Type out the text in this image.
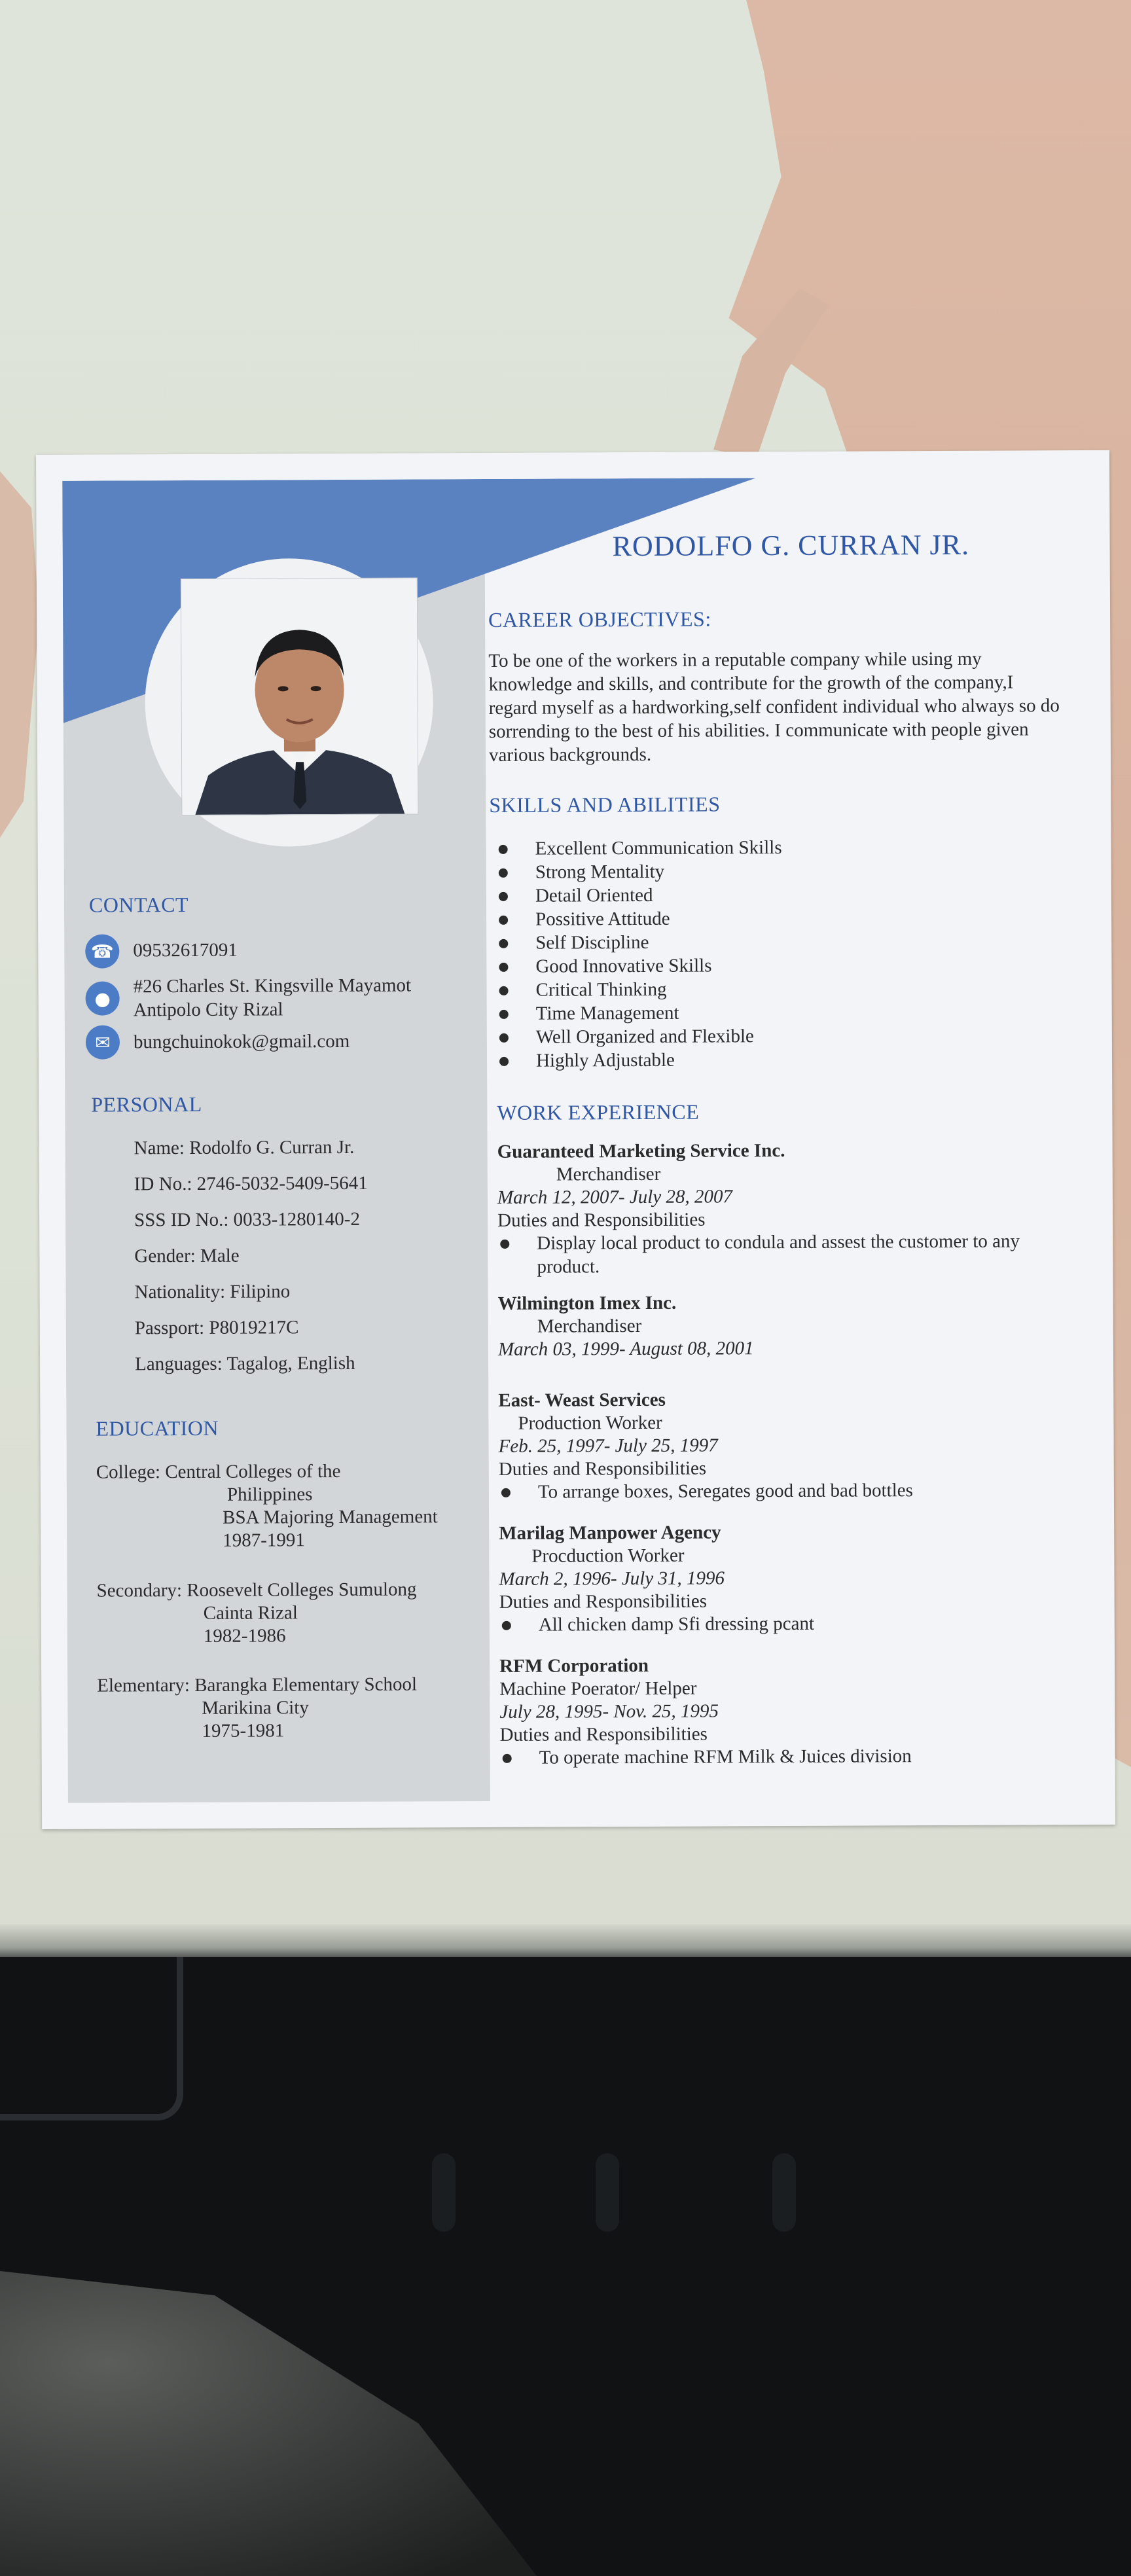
RODOLFO G. CURRAN JR.
CAREER OBJECTIVES:
To be one of the workers in a reputable company while using my knowledge and skills, and contribute for the growth of the company,I regard myself as a hardworking,self confident individual who always so do sorrending to the best of his abilities. I communicate with people given various backgrounds.
SKILLS AND ABILITIES
Excellent Communication Skills
Strong Mentality
Detail Oriented
Possitive Attitude
Self Discipline
Good Innovative Skills
Critical Thinking
Time Management
Well Organized and Flexible
Highly Adjustable
CONTACT
☎ 09532617091
●
#26 Charles St. Kingsville Mayamot
Antipolo City Rizal
✉	bungchuinokok@gmail.com
PERSONAL
Name: Rodolfo G. Curran Jr.
ID No.: 2746-5032-5409-5641
SSS ID No.: 0033-1280140-2
Gender: Male
Nationality: Filipino
Passport: P8019217C
Languages: Tagalog, English
EDUCATION
College: Central Colleges of the
Philippines
BSA Majoring Management
1987-1991
Secondary: Roosevelt Colleges Sumulong
Cainta Rizal
1982-1986
Elementary: Barangka Elementary School
Marikina City
1975-1981
WORK EXPERIENCE
Guaranteed Marketing Service Inc.
Merchandiser
March 12, 2007- July 28, 2007
Duties and Responsibilities
Display local product to condula and assest the customer to any product.
Wilmington Imex Inc.
Merchandiser
March 03, 1999- August 08, 2001
East- Weast Services
Production Worker
Feb. 25, 1997- July 25, 1997
Duties and Responsibilities
To arrange boxes, Seregates good and bad bottles
Marilag Manpower Agency
Procduction Worker
March 2, 1996- July 31, 1996
Duties and Responsibilities
All chicken damp Sfi dressing pcant
RFM Corporation
Machine Poerator/ Helper
July 28, 1995- Nov. 25, 1995
Duties and Responsibilities
To operate machine RFM Milk & Juices division
